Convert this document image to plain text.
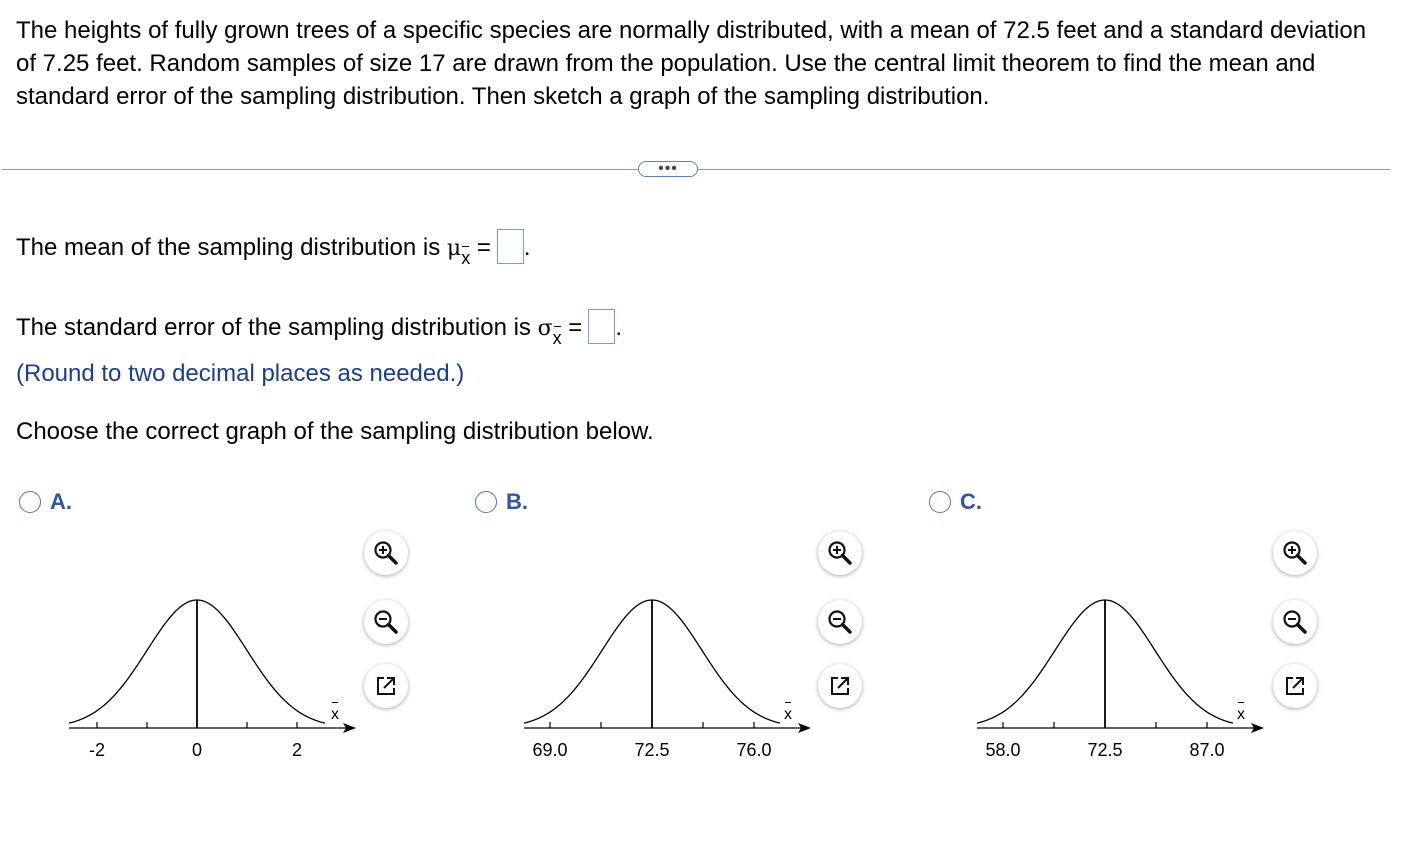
The heights of fully grown trees of a specific species are normally distributed, with a mean of 72.5 feet and a standard deviation of 7.25 feet. Random samples of size 17 are drawn from the population. Use the central limit theorem to find the mean and standard error of the sampling distribution. Then sketch a graph of the sampling distribution.
•••
The mean of the sampling distribution is μ
$_x$ = .
The standard error of the sampling distribution is σ
$_x$ = .
(Round to two decimal places as needed.)
Choose the correct graph of the sampling distribution below.
A.	B.	C.
-2	0	2
x
69.0	72.5	76.0
x
58.0	72.5	87.0
x
